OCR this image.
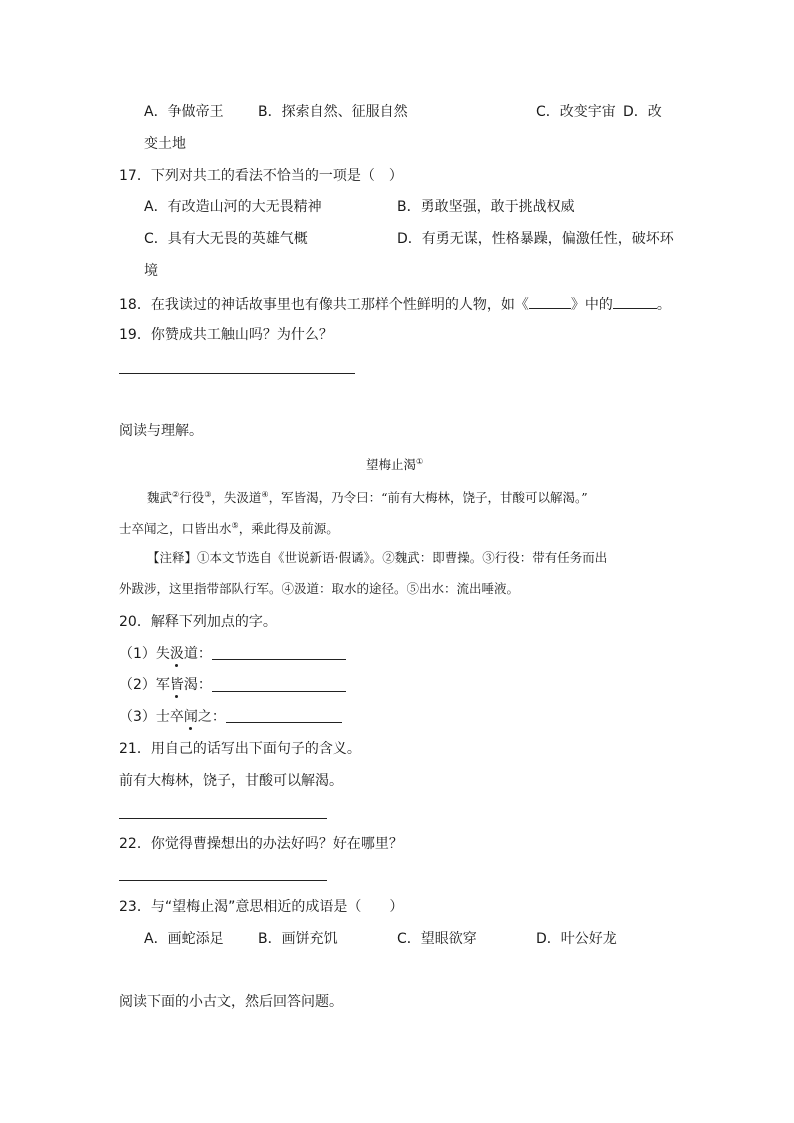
A．争做帝王 B．探索自然、征服自然	C．改变宇宙 D．改
变土地
17．下列对共工的看法不恰当的一项是（　）
A．有改造山河的大无畏精神	B．勇敢坚强，敢于挑战权威
C．具有大无畏的英雄气概	D．有勇无谋，性格暴躁，偏激任性，破坏环
境
18．在我读过的神话故事里也有像共工那样个性鲜明的人物，如《	》中的	。
19．你赞成共工触山吗？为什么？
阅读与理解。
望梅止渴①
魏武②行役③，失汲道④，军皆渴，乃令曰：“前有大梅林，饶子，甘酸可以解渴。”
士卒闻之，口皆出水⑤，乘此得及前源。
【注释】①本文节选自《世说新语·假谲》。②魏武：即曹操。③行役：带有任务而出
外跋涉，这里指带部队行军。④汲道：取水的途径。⑤出水：流出唾液。
20．解释下列加点的字。
（1）失汲道：
（2）军皆渴：
（3）士卒闻之：
21．用自己的话写出下面句子的含义。
前有大梅林，饶子，甘酸可以解渴。
22．你觉得曹操想出的办法好吗？好在哪里？
23．与“望梅止渴”意思相近的成语是（　　）
A．画蛇添足 B．画饼充饥	C．望眼欲穿	D．叶公好龙
阅读下面的小古文，然后回答问题。
